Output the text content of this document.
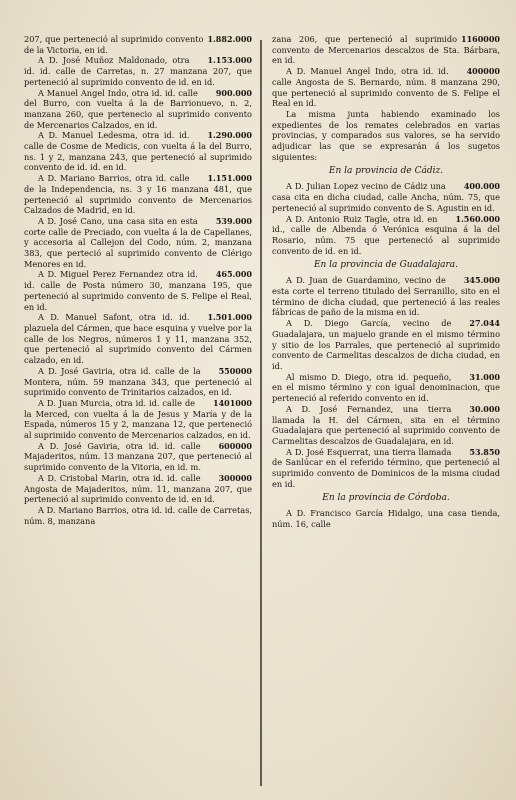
1.882.000
207, que perteneció al suprimido convento de la Victoria, en id.

1.153.000
A D. José Muñoz Maldonado, otra id. id. calle de Carretas, n. 27 manzana 207, que perteneció al suprimido convento de id. en id.

900.000
A Manuel Angel Indo, otra id. id. calle del Burro, con vuelta á la de Barrionuevo, n. 2, manzana 260, que pertenecio al suprimido convento de Mercenarios Calzados, en id.

1.290.000
A D. Manuel Ledesma, otra id. id. calle de Cosme de Medicis, con vuelta á la del Burro, ns. 1 y 2, manzana 243, que perteneció al suprimido convento de id. id. en id.

1.151.000
A D. Mariano Barrios, otra id. calle de la Independencia, ns. 3 y 16 manzana 481, que perteneció al suprimido convento de Mercenarios Calzados de Madrid, en id.

539.000
A D. José Cano, una casa sita en esta corte calle de Preciado, con vuelta á la de Capellanes, y accesoria al Callejon del Codo, núm. 2, manzana 383, que perteció al suprimido convento de Clérigo Menores en id.

465.000
A D. Miguel Perez Fernandez otra id. id. calle de Posta número 30, manzana 195, que perteneció al suprimido convento de S. Felipe el Real, en id.

1.501.000
A D. Manuel Safont, otra id. id. plazuela del Cármen, que hace esquina y vuelve por la calle de los Negros, números 1 y 11, manzana 352, que perteneció al suprimido convento del Cármen calzado, en id.

550000
A D. José Gaviria, otra id. calle de la Montera, núm. 59 manzana 343, que perteneció al suprimido convento de Trinitarios calzados, en id.

1401000
A D. Juan Murcia, otra id. id. calle de la Merced, con vuelta á la de Jesus y María y de la Espada, números 15 y 2, manzana 12, que perteneció al suprimido convento de Mercenarios calzados, en id.

600000
A D. José Gaviria, otra id. id. calle Majaderitos, núm. 13 manzana 207, que perteneció al suprimido convento de la Vitoria, en id. m.

300000
A D. Cristobal Marin, otra id. id. calle Angosta de Majaderitos, núm. 11, manzana 207, que perteneció al suprimido convento de id. en id.

A D. Mariano Barrios, otra id. id. calle de Carretas, núm. 8, manzana

1160000
zana 206, que perteneció al suprimido convento de Mercenarios descalzos de Sta. Bárbara, en id.

400000
A D. Manuel Angel Indo, otra id. id. calle Angosta de S. Bernardo, núm. 8 manzana 290, que perteneció al suprimido convento de S. Felipe el Real en id.

La misma junta habiendo examinado los expedientes de los remates celebrados en varias provincias, y comparados sus valores, se ha servido adjudicar las que se expresarán á los sugetos siguientes:

En la provincia de Cádiz.

400.000
A D. Julian Lopez vecino de Cádiz una casa cita en dicha ciudad, calle Ancha, núm. 75, que perteneció al suprimido convento de S. Agustin en id.

1.560.000
A D. Antonio Ruiz Tagle, otra id. en id., calle de Albenda ó Verónica esquina á la del Rosario, núm. 75 que perteneció al suprimido convento de id. en id.

En la provincia de Guadalajara.

345.000
A D. Juan de Guardamino, vecino de esta corte el terreno titulado del Serranillo, sito en el término de dicha ciudad, que perteneció á las reales fábricas de paño de la misma en id.

27.044
A D. Diego García, vecino de Guadalajara, un majuelo grande en el mismo término y sitio de los Parrales, que perteneció al suprimido convento de Carmelitas descalzos de dicha ciudad, en id.

31.000
Al mismo D. Diego, otra id. pequeño, en el mismo término y con igual denominacion, que perteneció al referido convento en id.

30.000
A D. José Fernandez, una tierra llamada la H. del Cármen, sita en el término Guadalajara que perteneció al suprimido convento de Carmelitas descalzos de Guadalajara, en id.

53.850
A D. José Esquerrat, una tierra llamada de Sanlúcar en el referido término, que perteneció al suprimido convento de Dominicos de la misma ciudad en id.

En la provincia de Córdoba.

A D. Francisco García Hidalgo, una casa tienda, núm. 16, calle
